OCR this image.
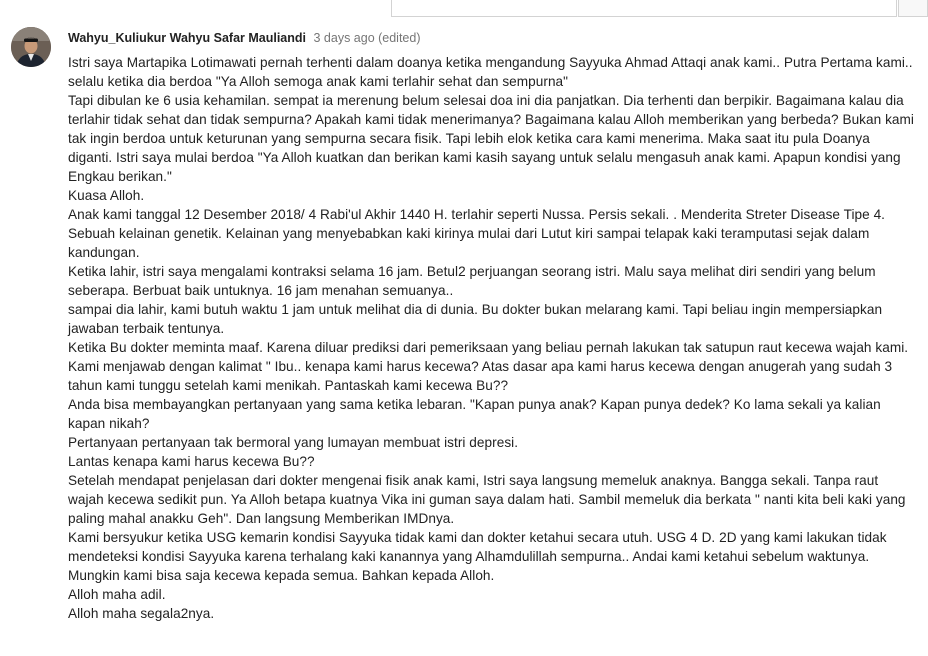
Wahyu_Kuliukur Wahyu Safar Mauliandi 3 days ago (edited)

Istri saya Martapika Lotimawati pernah terhenti dalam doanya ketika mengandung Sayyuka Ahmad Attaqi anak kami.. Putra Pertama kami.. selalu ketika dia berdoa "Ya Alloh semoga anak kami terlahir sehat dan sempurna"

Tapi dibulan ke 6 usia kehamilan. sempat ia merenung belum selesai doa ini dia panjatkan. Dia terhenti dan berpikir. Bagaimana kalau dia terlahir tidak sehat dan tidak sempurna? Apakah kami tidak menerimanya? Bagaimana kalau Alloh memberikan yang berbeda? Bukan kami tak ingin berdoa untuk keturunan yang sempurna secara fisik. Tapi lebih elok ketika cara kami menerima. Maka saat itu pula Doanya diganti. Istri saya mulai berdoa "Ya Alloh kuatkan dan berikan kami kasih sayang untuk selalu mengasuh anak kami. Apapun kondisi yang Engkau berikan."

Kuasa Alloh.

Anak kami tanggal 12 Desember 2018/ 4 Rabi'ul Akhir 1440 H. terlahir seperti Nussa. Persis sekali. . Menderita Streter Disease Tipe 4. Sebuah kelainan genetik. Kelainan yang menyebabkan kaki kirinya mulai dari Lutut kiri sampai telapak kaki teramputasi sejak dalam kandungan.

Ketika lahir, istri saya mengalami kontraksi selama 16 jam. Betul2 perjuangan seorang istri. Malu saya melihat diri sendiri yang belum seberapa. Berbuat baik untuknya. 16 jam menahan semuanya..

sampai dia lahir, kami butuh waktu 1 jam untuk melihat dia di dunia. Bu dokter bukan melarang kami. Tapi beliau ingin mempersiapkan jawaban terbaik tentunya.

Ketika Bu dokter meminta maaf. Karena diluar prediksi dari pemeriksaan yang beliau pernah lakukan tak satupun raut kecewa wajah kami. Kami menjawab dengan kalimat " Ibu.. kenapa kami harus kecewa? Atas dasar apa kami harus kecewa dengan anugerah yang sudah 3 tahun kami tunggu setelah kami menikah. Pantaskah kami kecewa Bu??

Anda bisa membayangkan pertanyaan yang sama ketika lebaran. "Kapan punya anak? Kapan punya dedek? Ko lama sekali ya kalian kapan nikah?

Pertanyaan pertanyaan tak bermoral yang lumayan membuat istri depresi.

Lantas kenapa kami harus kecewa Bu??

Setelah mendapat penjelasan dari dokter mengenai fisik anak kami, Istri saya langsung memeluk anaknya. Bangga sekali. Tanpa raut wajah kecewa sedikit pun. Ya Alloh betapa kuatnya Vika ini guman saya dalam hati. Sambil memeluk dia berkata " nanti kita beli kaki yang paling mahal anakku Geh". Dan langsung Memberikan IMDnya.

Kami bersyukur ketika USG kemarin kondisi Sayyuka tidak kami dan dokter ketahui secara utuh. USG 4 D. 2D yang kami lakukan tidak mendeteksi kondisi Sayyuka karena terhalang kaki kanannya yang Alhamdulillah sempurna.. Andai kami ketahui sebelum waktunya. Mungkin kami bisa saja kecewa kepada semua. Bahkan kepada Alloh.

Alloh maha adil.

Alloh maha segala2nya.
